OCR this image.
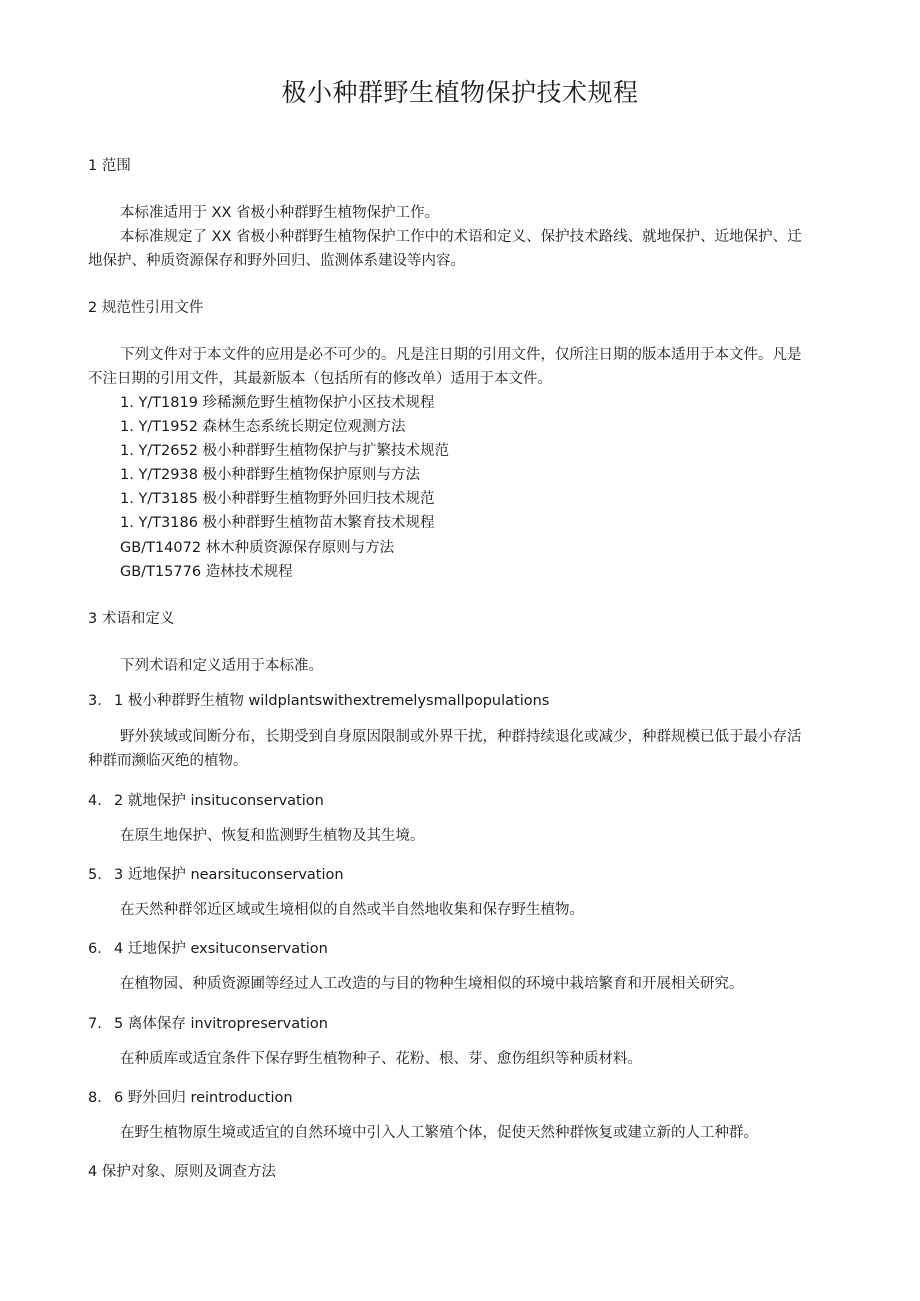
极小种群野生植物保护技术规程
1 范围
本标准适用于 XX 省极小种群野生植物保护工作。
本标准规定了 XX 省极小种群野生植物保护工作中的术语和定义、保护技术路线、就地保护、近地保护、迁
地保护、种质资源保存和野外回归、监测体系建设等内容。
2 规范性引用文件
下列文件对于本文件的应用是必不可少的。凡是注日期的引用文件，仅所注日期的版本适用于本文件。凡是
不注日期的引用文件，其最新版本（包括所有的修改单）适用于本文件。
1. Y/T1819 珍稀濒危野生植物保护小区技术规程
1. Y/T1952 森林生态系统长期定位观测方法
1. Y/T2652 极小种群野生植物保护与扩繁技术规范
1. Y/T2938 极小种群野生植物保护原则与方法
1. Y/T3185 极小种群野生植物野外回归技术规范
1. Y/T3186 极小种群野生植物苗木繁育技术规程
GB/T14072 林木种质资源保存原则与方法
GB/T15776 造林技术规程
3 术语和定义
下列术语和定义适用于本标准。
3. 1 极小种群野生植物 wildplantswithextremelysmallpopulations
野外狭域或间断分布，长期受到自身原因限制或外界干扰，种群持续退化或减少，种群规模已低于最小存活
种群而濒临灭绝的植物。
4. 2 就地保护 insituconservation
在原生地保护、恢复和监测野生植物及其生境。
5. 3 近地保护 nearsituconservation
在天然种群邻近区域或生境相似的自然或半自然地收集和保存野生植物。
6. 4 迁地保护 exsituconservation
在植物园、种质资源圃等经过人工改造的与目的物种生境相似的环境中栽培繁育和开展相关研究。
7. 5 离体保存 invitropreservation
在种质库或适宜条件下保存野生植物种子、花粉、根、芽、愈伤组织等种质材料。
8. 6 野外回归 reintroduction
在野生植物原生境或适宜的自然环境中引入人工繁殖个体，促使天然种群恢复或建立新的人工种群。
4 保护对象、原则及调查方法
